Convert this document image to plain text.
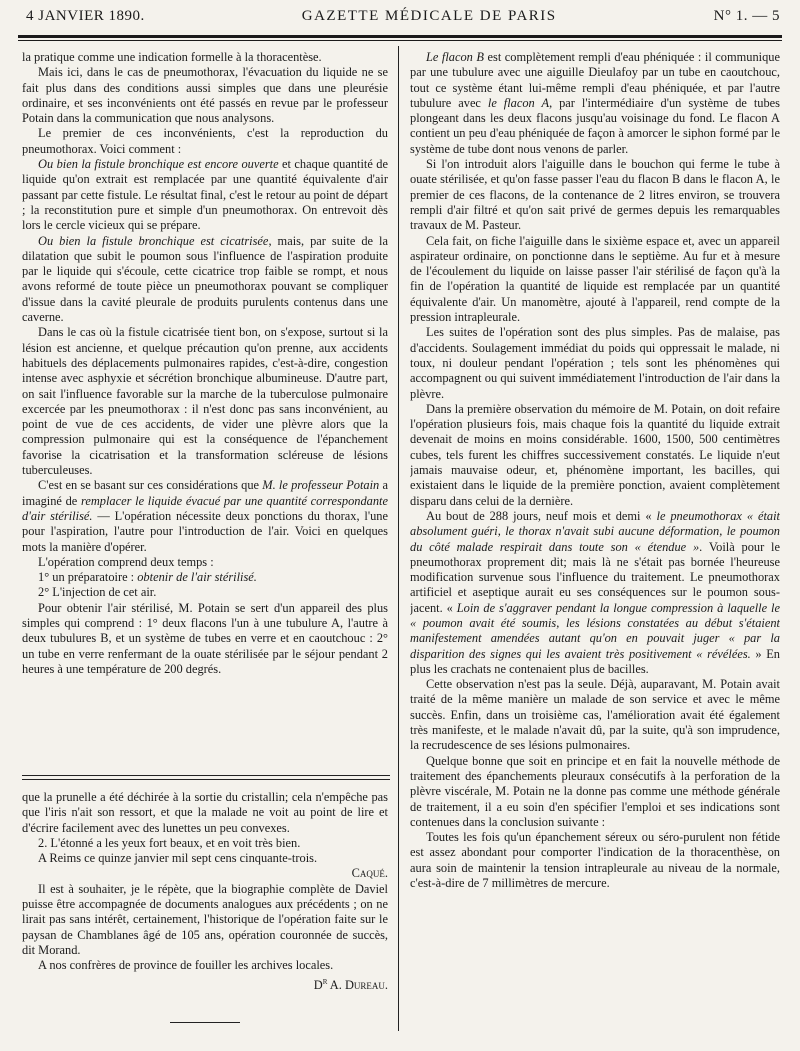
4 JANVIER 1890.	GAZETTE MÉDICALE DE PARIS	N° 1. — 5

la pratique comme une indication formelle à la thoracentèse.

Mais ici, dans le cas de pneumothorax, l'évacuation du liquide ne se fait plus dans des conditions aussi simples que dans une pleurésie ordinaire, et ses inconvénients ont été passés en revue par le professeur Potain dans la communication que nous analysons.

Le premier de ces inconvénients, c'est la reproduction du pneumothorax. Voici comment :

Ou bien la fistule bronchique est encore ouverte et chaque quantité de liquide qu'on extrait est remplacée par une quantité équivalente d'air passant par cette fistule. Le résultat final, c'est le retour au point de départ ; la reconstitution pure et simple d'un pneumothorax. On entrevoit dès lors le cercle vicieux qui se prépare.

Ou bien la fistule bronchique est cicatrisée, mais, par suite de la dilatation que subit le poumon sous l'influence de l'aspiration produite par le liquide qui s'écoule, cette cicatrice trop faible se rompt, et nous avons reformé de toute pièce un pneumothorax pouvant se compliquer d'issue dans la cavité pleurale de produits purulents contenus dans une caverne.

Dans le cas où la fistule cicatrisée tient bon, on s'expose, surtout si la lésion est ancienne, et quelque précaution qu'on prenne, aux accidents habituels des déplacements pulmonaires rapides, c'est-à-dire, congestion intense avec asphyxie et sécrétion bronchique albumineuse. D'autre part, on sait l'influence favorable sur la marche de la tuberculose pulmonaire excercée par les pneumothorax : il n'est donc pas sans inconvénient, au point de vue de ces accidents, de vider une plèvre alors que la compression pulmonaire qui est la conséquence de l'épanchement favorise la cicatrisation et la transformation scléreuse de lésions tuberculeuses.

C'est en se basant sur ces considérations que M. le professeur Potain a imaginé de remplacer le liquide évacué par une quantité correspondante d'air stérilisé. — L'opération nécessite deux ponctions du thorax, l'une pour l'aspiration, l'autre pour l'introduction de l'air. Voici en quelques mots la manière d'opérer.

L'opération comprend deux temps :

1° un préparatoire : obtenir de l'air stérilisé.

2° L'injection de cet air.

Pour obtenir l'air stérilisé, M. Potain se sert d'un appareil des plus simples qui comprend : 1° deux flacons l'un à une tubulure A, l'autre à deux tubulures B, et un système de tubes en verre et en caoutchouc : 2° un tube en verre renfermant de la ouate stérilisée par le séjour pendant 2 heures à une température de 200 degrés.

que la prunelle a été déchirée à la sortie du cristallin; cela n'empêche pas que l'iris n'ait son ressort, et que la malade ne voit au point de lire et d'écrire facilement avec des lunettes un peu convexes.

2. L'étonné a les yeux fort beaux, et en voit très bien.

A Reims ce quinze janvier mil sept cens cinquante-trois.

Caqué.

Il est à souhaiter, je le répète, que la biographie complète de Daviel puisse être accompagnée de documents analogues aux précédents ; on ne lirait pas sans intérêt, certainement, l'historique de l'opération faite sur le paysan de Chamblanes âgé de 105 ans, opération couronnée de succès, dit Morand.

A nos confrères de province de fouiller les archives locales.

$D^r$ A. Dureau.

Le flacon B est complètement rempli d'eau phéniquée : il communique par une tubulure avec une aiguille Dieulafoy par un tube en caoutchouc, tout ce système étant lui-même rempli d'eau phéniquée, et par l'autre tubulure avec le flacon A, par l'intermédiaire d'un système de tubes plongeant dans les deux flacons jusqu'au voisinage du fond. Le flacon A contient un peu d'eau phéniquée de façon à amorcer le siphon formé par le système de tube dont nous venons de parler.

Si l'on introduit alors l'aiguille dans le bouchon qui ferme le tube à ouate stérilisée, et qu'on fasse passer l'eau du flacon B dans le flacon A, le premier de ces flacons, de la contenance de 2 litres environ, se trouvera rempli d'air filtré et qu'on sait privé de germes depuis les remarquables travaux de M. Pasteur.

Cela fait, on fiche l'aiguille dans le sixième espace et, avec un appareil aspirateur ordinaire, on ponctionne dans le septième. Au fur et à mesure de l'écoulement du liquide on laisse passer l'air stérilisé de façon qu'à la fin de l'opération la quantité de liquide est remplacée par un quantité équivalente d'air. Un manomètre, ajouté à l'appareil, rend compte de la pression intrapleurale.

Les suites de l'opération sont des plus simples. Pas de malaise, pas d'accidents. Soulagement immédiat du poids qui oppressait le malade, ni toux, ni douleur pendant l'opération ; tels sont les phénomènes qui accompagnent ou qui suivent immédiatement l'introduction de l'air dans la plèvre.

Dans la première observation du mémoire de M. Potain, on doit refaire l'opération plusieurs fois, mais chaque fois la quantité du liquide extrait devenait de moins en moins considérable. 1600, 1500, 500 centimètres cubes, tels furent les chiffres successivement constatés. Le liquide n'eut jamais mauvaise odeur, et, phénomène important, les bacilles, qui existaient dans le liquide de la première ponction, avaient complètement disparu dans celui de la dernière.

Au bout de 288 jours, neuf mois et demi « le pneumothorax « était absolument guéri, le thorax n'avait subi aucune déformation, le poumon du côté malade respirait dans toute son « étendue ». Voilà pour le pneumothorax proprement dit; mais là ne s'était pas bornée l'heureuse modification survenue sous l'influence du traitement. Le pneumothorax artificiel et aseptique aurait eu ses conséquences sur le poumon sous-jacent. « Loin de s'aggraver pendant la longue compression à laquelle le « poumon avait été soumis, les lésions constatées au début s'étaient manifestement amendées autant qu'on en pouvait juger « par la disparition des signes qui les avaient très positivement « révélées. » En plus les crachats ne contenaient plus de bacilles.

Cette observation n'est pas la seule. Déjà, auparavant, M. Potain avait traité de la même manière un malade de son service et avec le même succès. Enfin, dans un troisième cas, l'amélioration avait été également très manifeste, et le malade n'avait dû, par la suite, qu'à son imprudence, la recrudescence de ses lésions pulmonaires.

Quelque bonne que soit en principe et en fait la nouvelle méthode de traitement des épanchements pleuraux consécutifs à la perforation de la plèvre viscérale, M. Potain ne la donne pas comme une méthode générale de traitement, il a eu soin d'en spécifier l'emploi et ses indications sont contenues dans la conclusion suivante :

Toutes les fois qu'un épanchement séreux ou séro-purulent non fétide est assez abondant pour comporter l'indication de la thoracenthèse, on aura soin de maintenir la tension intrapleurale au niveau de la normale, c'est-à-dire de 7 millimètres de mercure.
